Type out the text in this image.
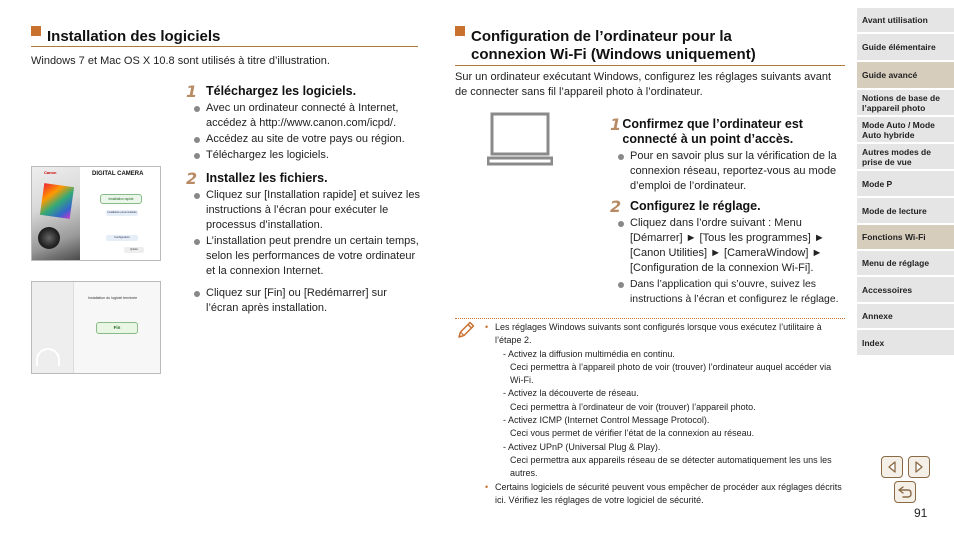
Installation des logiciels
Windows 7 et Mac OS X 10.8 sont utilisés à titre d’illustration.
Canon	DIGITAL CAMERA
Installation rapide
Installation personnalisée
Configuration
Quitter
Installation du logiciel terminée
Fin
1 Téléchargez les logiciels.
Avec un ordinateur connecté à Internet, accédez à http://www.canon.com/icpd/.
Accédez au site de votre pays ou région.
Téléchargez les logiciels.
2 Installez les fichiers.
Cliquez sur [Installation rapide] et suivez les instructions à l’écran pour exécuter le processus d’installation.
L’installation peut prendre un certain temps, selon les performances de votre ordinateur et la connexion Internet.
Cliquez sur [Fin] ou [Redémarrer] sur l’écran après installation.
Configuration de l’ordinateur pour la
connexion Wi-Fi (Windows uniquement)
Sur un ordinateur exécutant Windows, configurez les réglages suivants avant de connecter sans fil l’appareil photo à l’ordinateur.
1 Confirmez que l’ordinateur est connecté à un point d’accès.
Pour en savoir plus sur la vérification de la connexion réseau, reportez-vous au mode d’emploi de l’ordinateur.
2 Configurez le réglage.
Cliquez dans l’ordre suivant : Menu [Démarrer] ► [Tous les programmes] ► [Canon Utilities] ► [CameraWindow] ► [Configuration de la connexion Wi-Fi].
Dans l’application qui s’ouvre, suivez les instructions à l’écran et configurez le réglage.
• Les réglages Windows suivants sont configurés lorsque vous exécutez l’utilitaire à l’étape 2.
- Activez la diffusion multimédia en continu.
Ceci permettra à l’appareil photo de voir (trouver) l’ordinateur auquel accéder via Wi-Fi.
- Activez la découverte de réseau.
Ceci permettra à l’ordinateur de voir (trouver) l’appareil photo.
- Activez ICMP (Internet Control Message Protocol).
Ceci vous permet de vérifier l’état de la connexion au réseau.
- Activez UPnP (Universal Plug & Play).
Ceci permettra aux appareils réseau de se détecter automatiquement les uns les autres.
• Certains logiciels de sécurité peuvent vous empêcher de procéder aux réglages décrits ici. Vérifiez les réglages de votre logiciel de sécurité.
Avant utilisation
Guide élémentaire
Guide avancé
Notions de base de l’appareil photo
Mode Auto / Mode Auto hybride
Autres modes de prise de vue
Mode P
Mode de lecture
Fonctions Wi-Fi
Menu de réglage
Accessoires
Annexe
Index
91
